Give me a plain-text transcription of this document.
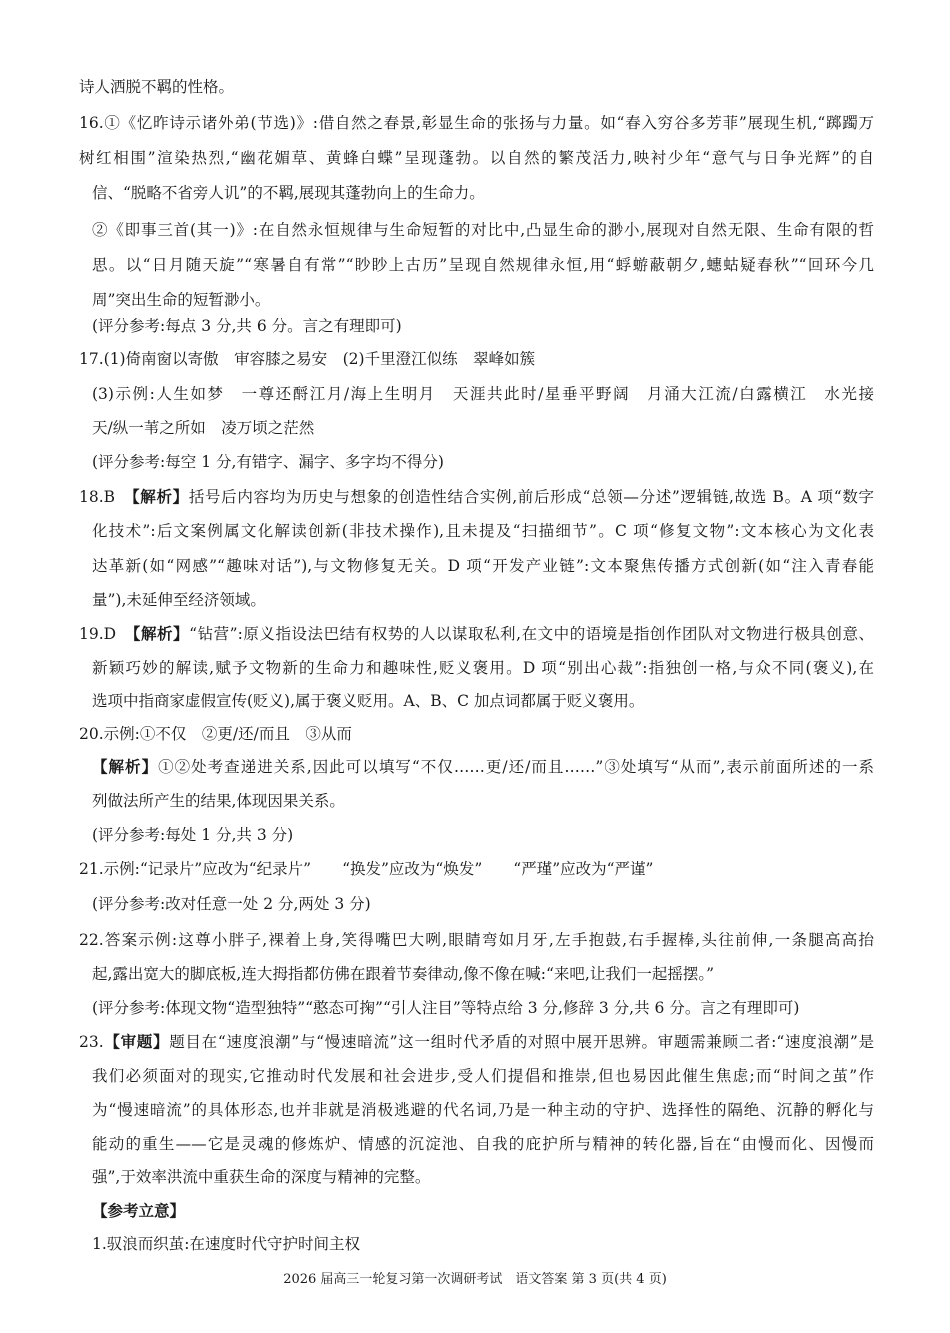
诗人洒脱不羁的性格。
16.①《忆昨诗示诸外弟(节选)》:借自然之春景,彰显生命的张扬与力量。如“春入穷谷多芳菲”展现生机,“踯躅万
树红相围”渲染热烈,“幽花媚草、黄蜂白蝶”呈现蓬勃。以自然的繁茂活力,映衬少年“意气与日争光辉”的自
信、“脱略不省旁人讥”的不羁,展现其蓬勃向上的生命力。
②《即事三首(其一)》:在自然永恒规律与生命短暂的对比中,凸显生命的渺小,展现对自然无限、生命有限的哲
思。以“日月随天旋”“寒暑自有常”“眇眇上古历”呈现自然规律永恒,用“蜉蝣蔽朝夕,蟪蛄疑春秋”“回环今几
周”突出生命的短暂渺小。
(评分参考:每点 3 分,共 6 分。言之有理即可)
17.(1)倚南窗以寄傲　审容膝之易安　(2)千里澄江似练　翠峰如簇
(3)示例:人生如梦　一尊还酹江月/海上生明月　天涯共此时/星垂平野阔　月涌大江流/白露横江　水光接
天/纵一苇之所如　凌万顷之茫然
(评分参考:每空 1 分,有错字、漏字、多字均不得分)
18.B　【解析】括号后内容均为历史与想象的创造性结合实例,前后形成“总领—分述”逻辑链,故选 B。A 项“数字
化技术”:后文案例属文化解读创新(非技术操作),且未提及“扫描细节”。C 项“修复文物”:文本核心为文化表
达革新(如“网感”“趣味对话”),与文物修复无关。D 项“开发产业链”:文本聚焦传播方式创新(如“注入青春能
量”),未延伸至经济领域。
19.D　【解析】“钻营”:原义指设法巴结有权势的人以谋取私利,在文中的语境是指创作团队对文物进行极具创意、
新颖巧妙的解读,赋予文物新的生命力和趣味性,贬义褒用。D 项“别出心裁”:指独创一格,与众不同(褒义),在
选项中指商家虚假宣传(贬义),属于褒义贬用。A、B、C 加点词都属于贬义褒用。
20.示例:①不仅　②更/还/而且　③从而
【解析】①②处考查递进关系,因此可以填写“不仅……更/还/而且……”③处填写“从而”,表示前面所述的一系
列做法所产生的结果,体现因果关系。
(评分参考:每处 1 分,共 3 分)
21.示例:“记录片”应改为“纪录片”　　“换发”应改为“焕发”　　“严瑾”应改为“严谨”
(评分参考:改对任意一处 2 分,两处 3 分)
22.答案示例:这尊小胖子,裸着上身,笑得嘴巴大咧,眼睛弯如月牙,左手抱鼓,右手握棒,头往前伸,一条腿高高抬
起,露出宽大的脚底板,连大拇指都仿佛在跟着节奏律动,像不像在喊:“来吧,让我们一起摇摆。”
(评分参考:体现文物“造型独特”“憨态可掬”“引人注目”等特点给 3 分,修辞 3 分,共 6 分。言之有理即可)
23.【审题】题目在“速度浪潮”与“慢速暗流”这一组时代矛盾的对照中展开思辨。审题需兼顾二者:“速度浪潮”是
我们必须面对的现实,它推动时代发展和社会进步,受人们提倡和推崇,但也易因此催生焦虑;而“时间之茧”作
为“慢速暗流”的具体形态,也并非就是消极逃避的代名词,乃是一种主动的守护、选择性的隔绝、沉静的孵化与
能动的重生——它是灵魂的修炼炉、情感的沉淀池、自我的庇护所与精神的转化器,旨在“由慢而化、因慢而
强”,于效率洪流中重获生命的深度与精神的完整。
【参考立意】
1.驭浪而织茧:在速度时代守护时间主权
2026 届高三一轮复习第一次调研考试　语文答案 第 3 页(共 4 页)
